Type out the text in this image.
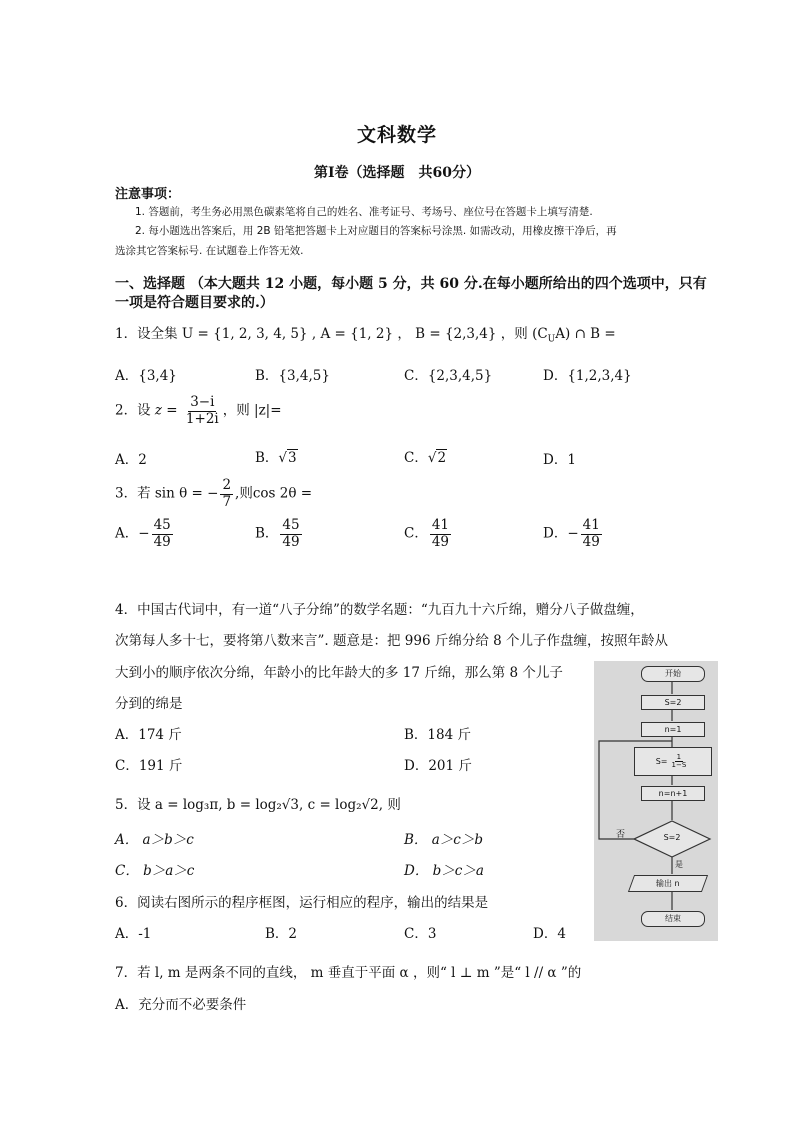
文科数学
第Ⅰ卷（选择题　共60分）
注意事项：
1. 答题前，考生务必用黑色碳素笔将自己的姓名、准考证号、考场号、座位号在答题卡上填写清楚.
2. 每小题选出答案后，用 2B 铅笔把答题卡上对应题目的答案标号涂黑. 如需改动，用橡皮擦干净后，再
选涂其它答案标号. 在试题卷上作答无效.
一、选择题 （本大题共 12 小题，每小题 5 分，共 60 分.在每小题所给出的四个选项中，只有
一项是符合题目要求的.）
1．设全集 U = {1, 2, 3, 4, 5} , A = {1, 2} ， B = {2,3,4} ，则 $(C_UA)$ ∩ B =
A．{3,4}	B．{3,4,5}	C．{2,3,4,5}	D．{1,2,3,4}
2．设 $z = \frac{3-i}{1+2i}$ ，则 |z|=
A．2	B．√3	C．√2	D．1
3．若 sin θ = − $\frac{2}{7}$ ,则cos 2θ =
A．− $\frac{45}{49}$	B． $\frac{45}{49}$	C． $\frac{41}{49}$	D．− $\frac{41}{49}$
4．中国古代词中，有一道“八子分绵”的数学名题：“九百九十六斤绵，赠分八子做盘缠，
次第每人多十七，要将第八数来言”. 题意是：把 996 斤绵分给 8 个儿子作盘缠，按照年龄从
大到小的顺序依次分绵，年龄小的比年龄大的多 17 斤绵，那么第 8 个儿子
分到的绵是
A．174 斤	B．184 斤
C．191 斤	D．201 斤
5．设 a = log₃π, b = log₂√3, c = log₂√2, 则
A． a＞b＞c	B． a＞c＞b
C． b＞a＞c	D． b＞c＞a
6．阅读右图所示的程序框图，运行相应的程序，输出的结果是
A．-1	B．2	C．3	D．4
7．若 l, m 是两条不同的直线， m 垂直于平面 α ，则“ l ⊥ m ”是“ l // α ”的
A．充分而不必要条件
开始
S=2
n=1
$S= \frac{1}{1-S}$
n=n+1
S=2
否
是
输出 n
结束
